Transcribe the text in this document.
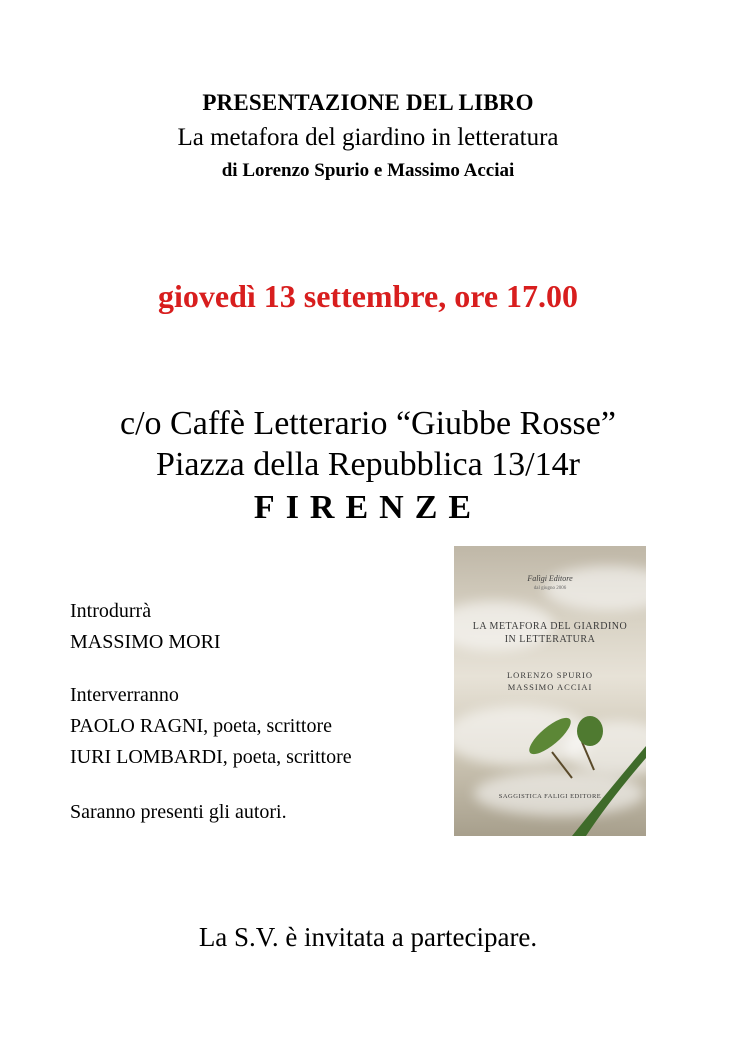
PRESENTAZIONE DEL LIBRO
La metafora del giardino in letteratura
di Lorenzo Spurio e Massimo Acciai
giovedì 13 settembre, ore 17.00
c/o Caffè Letterario “Giubbe Rosse”
Piazza della Repubblica 13/14r
FIRENZE
Introdurrà
MASSIMO MORI
Interverranno
PAOLO RAGNI, poeta, scrittore
IURI LOMBARDI, poeta, scrittore
Saranno presenti gli autori.
Falìgi Editore
dal giugno 2006
LA METAFORA DEL GIARDINO
IN LETTERATURA
LORENZO SPURIO
MASSIMO ACCIAI
SAGGISTICA FALIGI EDITORE
La S.V. è invitata a partecipare.
